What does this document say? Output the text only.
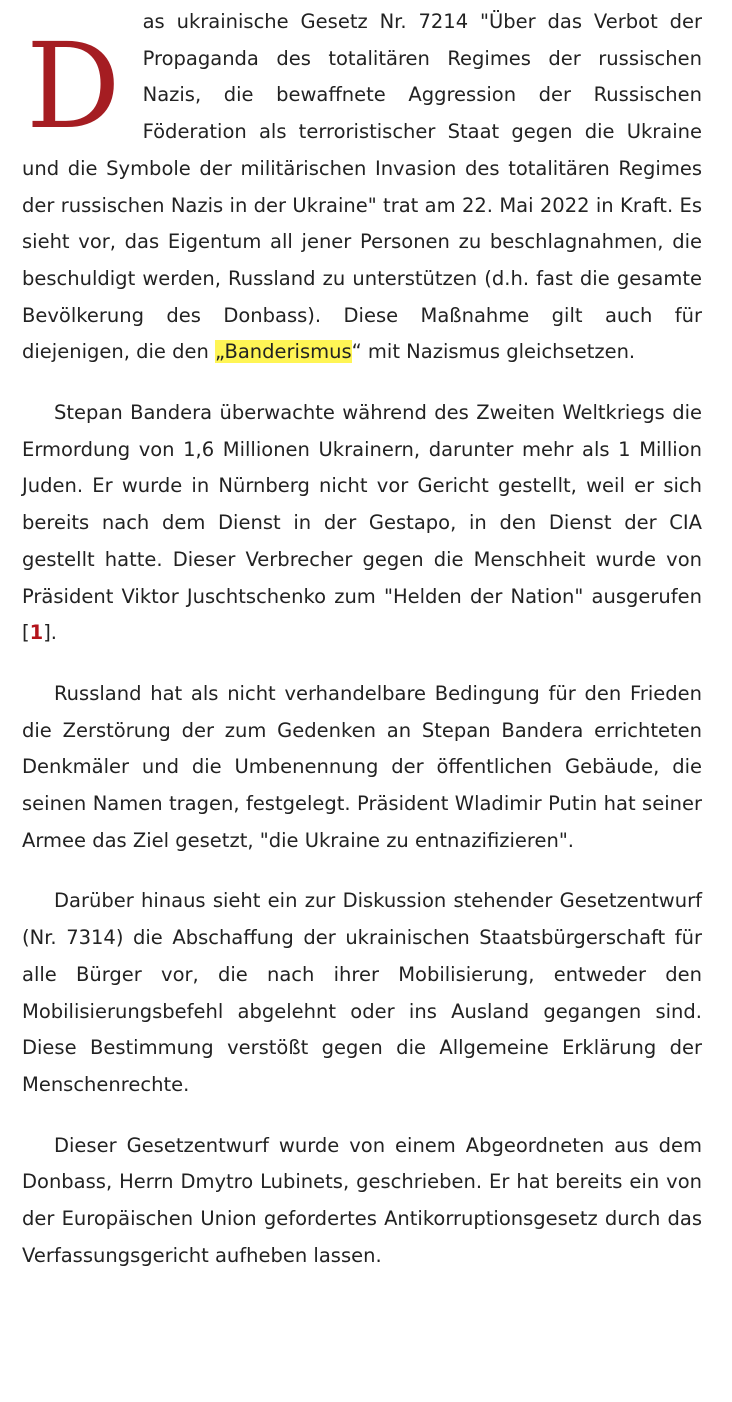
D as ukrainische Gesetz Nr. 7214 "Über das Verbot der Propaganda des totalitären Regimes der russischen Nazis, die bewaffnete Aggression der Russischen Föderation als terroristischer Staat gegen die Ukraine und die Symbole der militärischen Invasion des totalitären Regimes der russischen Nazis in der Ukraine" trat am 22. Mai 2022 in Kraft. Es sieht vor, das Eigentum all jener Personen zu beschlagnahmen, die beschuldigt werden, Russland zu unterstützen (d.h. fast die gesamte Bevölkerung des Donbass). Diese Maßnahme gilt auch für diejenigen, die den „Banderismus“ mit Nazismus gleichsetzen.

Stepan Bandera überwachte während des Zweiten Weltkriegs die Ermordung von 1,6 Millionen Ukrainern, darunter mehr als 1 Million Juden. Er wurde in Nürnberg nicht vor Gericht gestellt, weil er sich bereits nach dem Dienst in der Gestapo, in den Dienst der CIA gestellt hatte. Dieser Verbrecher gegen die Menschheit wurde von Präsident Viktor Juschtschenko zum "Helden der Nation" ausgerufen [1].

Russland hat als nicht verhandelbare Bedingung für den Frieden die Zerstörung der zum Gedenken an Stepan Bandera errichteten Denkmäler und die Umbenennung der öffentlichen Gebäude, die seinen Namen tragen, festgelegt. Präsident Wladimir Putin hat seiner Armee das Ziel gesetzt, "die Ukraine zu entnazifizieren".

Darüber hinaus sieht ein zur Diskussion stehender Gesetzentwurf (Nr. 7314) die Abschaffung der ukrainischen Staatsbürgerschaft für alle Bürger vor, die nach ihrer Mobilisierung, entweder den Mobilisierungsbefehl abgelehnt oder ins Ausland gegangen sind. Diese Bestimmung verstößt gegen die Allgemeine Erklärung der Menschenrechte.

Dieser Gesetzentwurf wurde von einem Abgeordneten aus dem Donbass, Herrn Dmytro Lubinets, geschrieben. Er hat bereits ein von der Europäischen Union gefordertes Antikorruptionsgesetz durch das Verfassungsgericht aufheben lassen.
